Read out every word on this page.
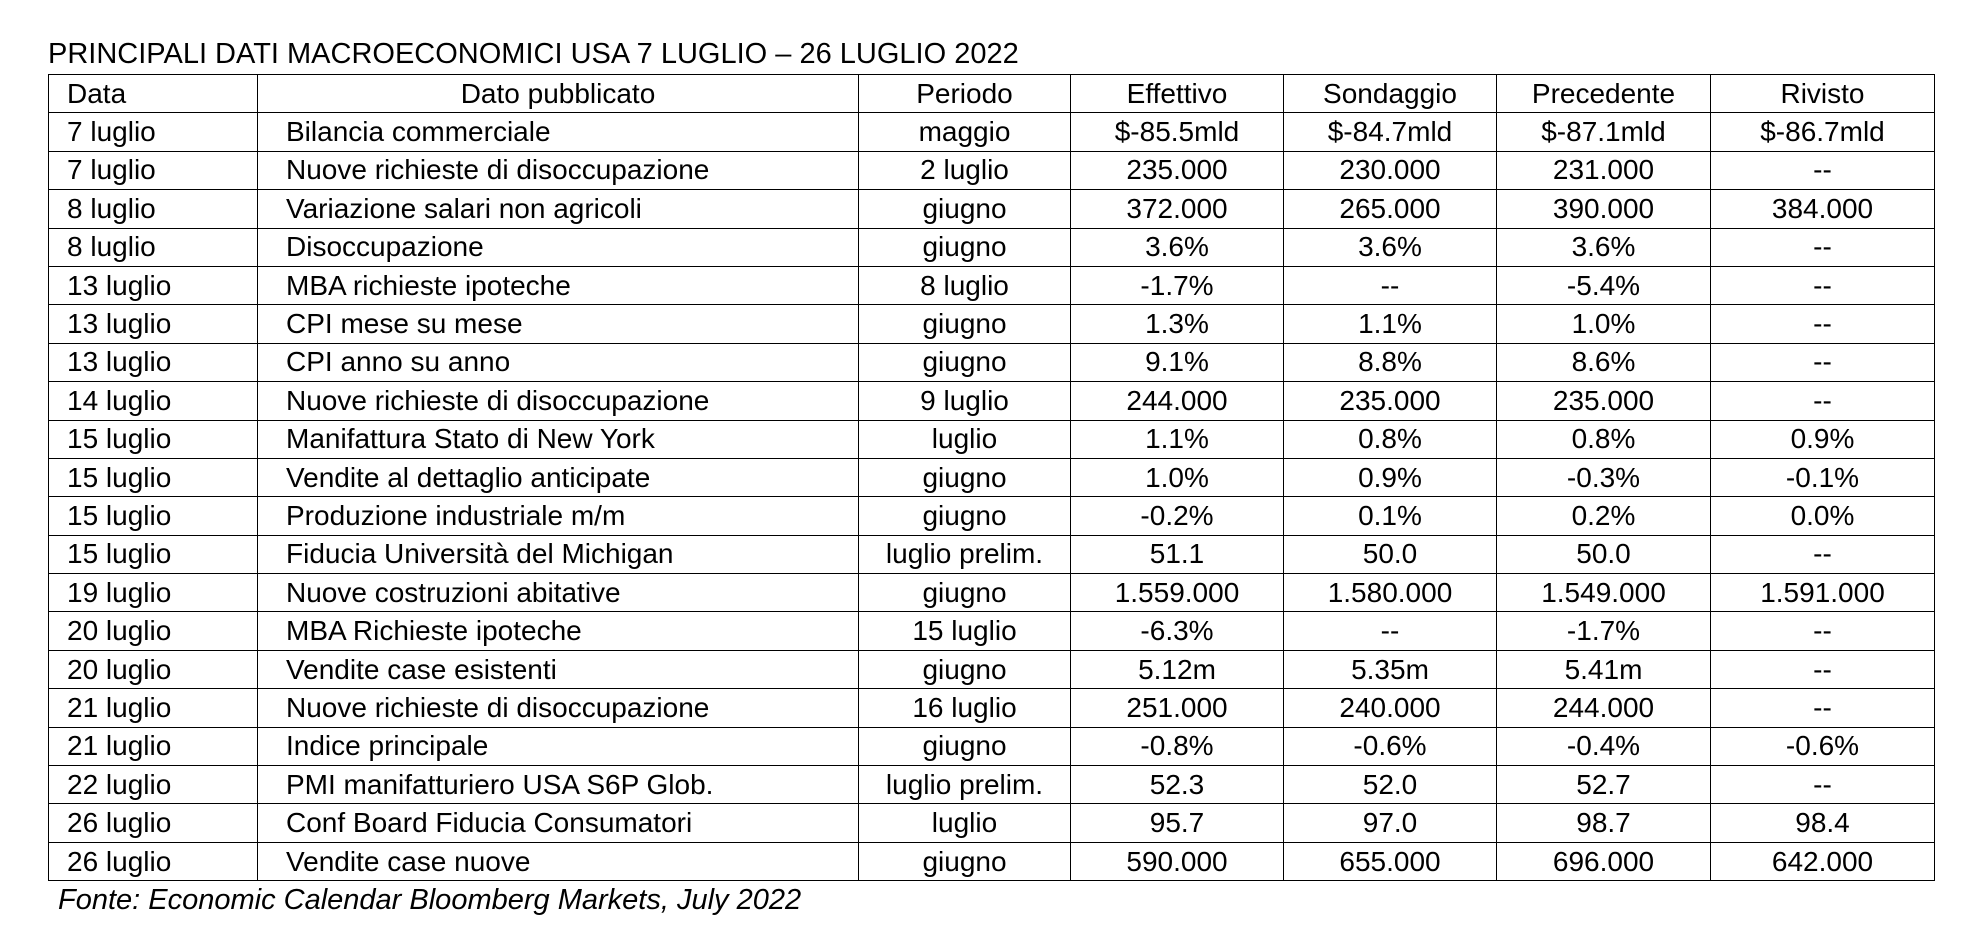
PRINCIPALI DATI MACROECONOMICI USA 7 LUGLIO – 26 LUGLIO 2022
Data	Dato pubblicato	Periodo	Effettivo	Sondaggio	Precedente	Rivisto
7 luglio	Bilancia commerciale	maggio	$-85.5mld	$-84.7mld	$-87.1mld	$-86.7mld
7 luglio	Nuove richieste di disoccupazione	2 luglio	235.000	230.000	231.000	--
8 luglio	Variazione salari non agricoli	giugno	372.000	265.000	390.000	384.000
8 luglio	Disoccupazione	giugno	3.6%	3.6%	3.6%	--
13 luglio	MBA richieste ipoteche	8 luglio	-1.7%	--	-5.4%	--
13 luglio	CPI mese su mese	giugno	1.3%	1.1%	1.0%	--
13 luglio	CPI anno su anno	giugno	9.1%	8.8%	8.6%	--
14 luglio	Nuove richieste di disoccupazione	9 luglio	244.000	235.000	235.000	--
15 luglio	Manifattura Stato di New York	luglio	1.1%	0.8%	0.8%	0.9%
15 luglio	Vendite al dettaglio anticipate	giugno	1.0%	0.9%	-0.3%	-0.1%
15 luglio	Produzione industriale m/m	giugno	-0.2%	0.1%	0.2%	0.0%
15 luglio	Fiducia Università del Michigan	luglio prelim.	51.1	50.0	50.0	--
19 luglio	Nuove costruzioni abitative	giugno	1.559.000	1.580.000	1.549.000	1.591.000
20 luglio	MBA Richieste ipoteche	15 luglio	-6.3%	--	-1.7%	--
20 luglio	Vendite case esistenti	giugno	5.12m	5.35m	5.41m	--
21 luglio	Nuove richieste di disoccupazione	16 luglio	251.000	240.000	244.000	--
21 luglio	Indice principale	giugno	-0.8%	-0.6%	-0.4%	-0.6%
22 luglio	PMI manifatturiero USA S6P Glob.	luglio prelim.	52.3	52.0	52.7	--
26 luglio	Conf Board Fiducia Consumatori	luglio	95.7	97.0	98.7	98.4
26 luglio	Vendite case nuove	giugno	590.000	655.000	696.000	642.000
Fonte: Economic Calendar Bloomberg Markets, July 2022
